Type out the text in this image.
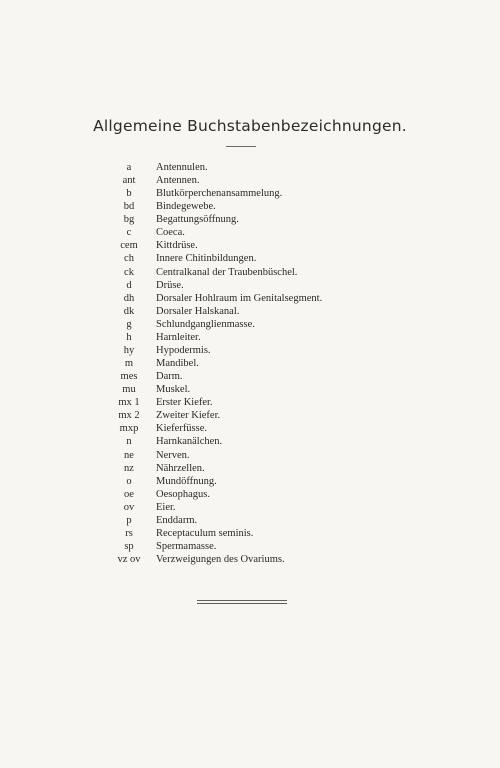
Allgemeine Buchstabenbezeichnungen.
a	Antennulen.
ant	Antennen.
b	Blutkörperchenansammelung.
bd	Bindegewebe.
bg	Begattungsöffnung.
c	Coeca.
cem	Kittdrüse.
ch	Innere Chitinbildungen.
ck	Centralkanal der Traubenbüschel.
d	Drüse.
dh	Dorsaler Hohlraum im Genitalsegment.
dk	Dorsaler Halskanal.
g	Schlundganglienmasse.
h	Harnleiter.
hy	Hypodermis.
m	Mandibel.
mes	Darm.
mu	Muskel.
mx 1	Erster Kiefer.
mx 2	Zweiter Kiefer.
mxp	Kieferfüsse.
n	Harnkanälchen.
ne	Nerven.
nz	Nährzellen.
o	Mundöffnung.
oe	Oesophagus.
ov	Eier.
p	Enddarm.
rs	Receptaculum seminis.
sp	Spermamasse.
vz ov	Verzweigungen des Ovariums.
